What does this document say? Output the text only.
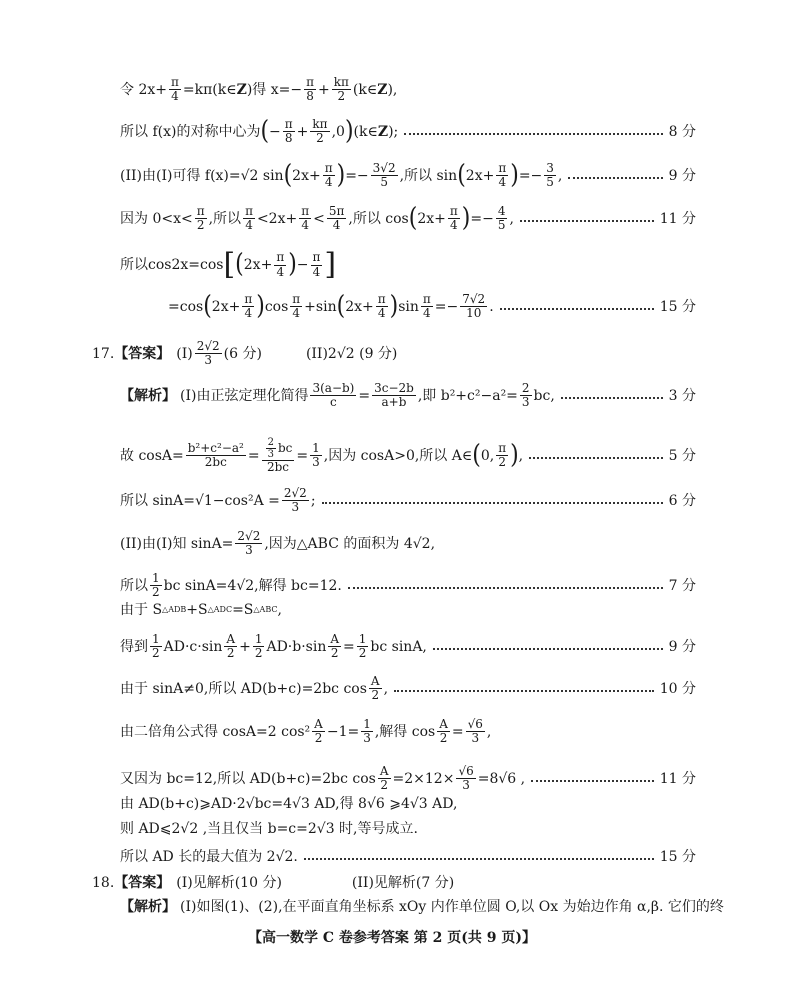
令 $2x+ \frac{\pi}{4}$ =kπ(k∈ Z )得 $x=- \frac{\pi}{8} + \frac{k\pi}{2}$ (k∈ Z ),
所以 f(x)的对称中心为 ( − $\frac{\pi}{8} + \frac{k\pi}{2} ,0$ ) (k∈ Z );	8 分
(II)由(I)可得 f(x)=√2 sin ( $2x+ \frac{\pi}{4}$ ) =− $\frac{3√2}{5}$ ,所以 sin ( $2x+ \frac{\pi}{4}$ ) =− $\frac{3}{5}$ ,	9 分
因为 $0<x< \frac{\pi}{2}$ ,所以 $\frac{\pi}{4} <2x+ \frac{\pi}{4} < \frac{5\pi}{4}$ ,所以 cos ( $2x+ \frac{\pi}{4}$ ) =− $\frac{4}{5}$ ,	11 分
所以cos2x=cos [ ( $2x+ \frac{\pi}{4}$ ) − $\frac{\pi}{4}$ ]
=cos ( $2x+ \frac{\pi}{4}$ ) $\cos \frac{\pi}{4} +\sin$ ( $2x+ \frac{\pi}{4}$ ) $\sin \frac{\pi}{4} =- \frac{7√2}{10}$ .	15 分
17. 【答案】 $(I) \frac{2√2}{3} (6$ 分)	(II)2√2 (9 分)
【解析】 (I)由正弦定理化简得 $\frac{3(a-b)}{c} = \frac{3c-2b}{a+b}$ ,即 $b^2+c^2-a^2= \frac{2}{3}$ bc,	3 分
故 $\cos A= \frac{\text{b²+c²−a²}}{2bc} = \frac{\frac{2}{3} bc}{2bc} = \frac{1}{3}$ ,因为 cosA>0,所以 A∈ ( 0, $\frac{\pi}{2}$ ) ,	5 分
所以 $\sin A=√1-\cos^2A = \frac{2√2}{3}$ ;	6 分
(II)由(I)知 $\sin A= \frac{2√2}{3}$ ,因为△ABC 的面积为 4√2,
所以 $\frac{1}{2}$ bc sinA=4√2,解得 bc=12.	7 分
由于 S △ADB +S △ADC =S △ABC ,
得到 $\frac{1}{2} AD\cdot c\cdot\sin \frac{A}{2} + \frac{1}{2} AD\cdot b\cdot\sin \frac{A}{2} = \frac{1}{2}$ bc sinA,	9 分
由于 sinA≠0,所以 AD(b+c)=2bc $\cos \frac{A}{2}$ ,	10 分
由二倍角公式得 cosA=2 $\cos^2 \frac{A}{2} -1= \frac{1}{3}$ ,解得 $\cos \frac{A}{2} = \frac{√6}{3}$ ,
又因为 bc=12,所以 AD(b+c)=2bc $\cos \frac{A}{2} =2\times 12\times \frac{√6}{3} =8√6$ ,	11 分
由 AD(b+c)⩾AD·2 √bc =4√3 AD,得 8√6 ⩾4√3 AD,
则 AD⩽2√2 ,当且仅当 b=c=2√3 时,等号成立.
所以 AD 长的最大值为 2√2.	15 分
18. 【答案】 (I)见解析(10 分)	(II)见解析(7 分)
【解析】 (I)如图(1)、(2),在平面直角坐标系 xOy 内作单位圆 O,以 Ox 为始边作角 α,β. 它们的终
【高一数学 C 卷参考答案 第 2 页(共 9 页)】
